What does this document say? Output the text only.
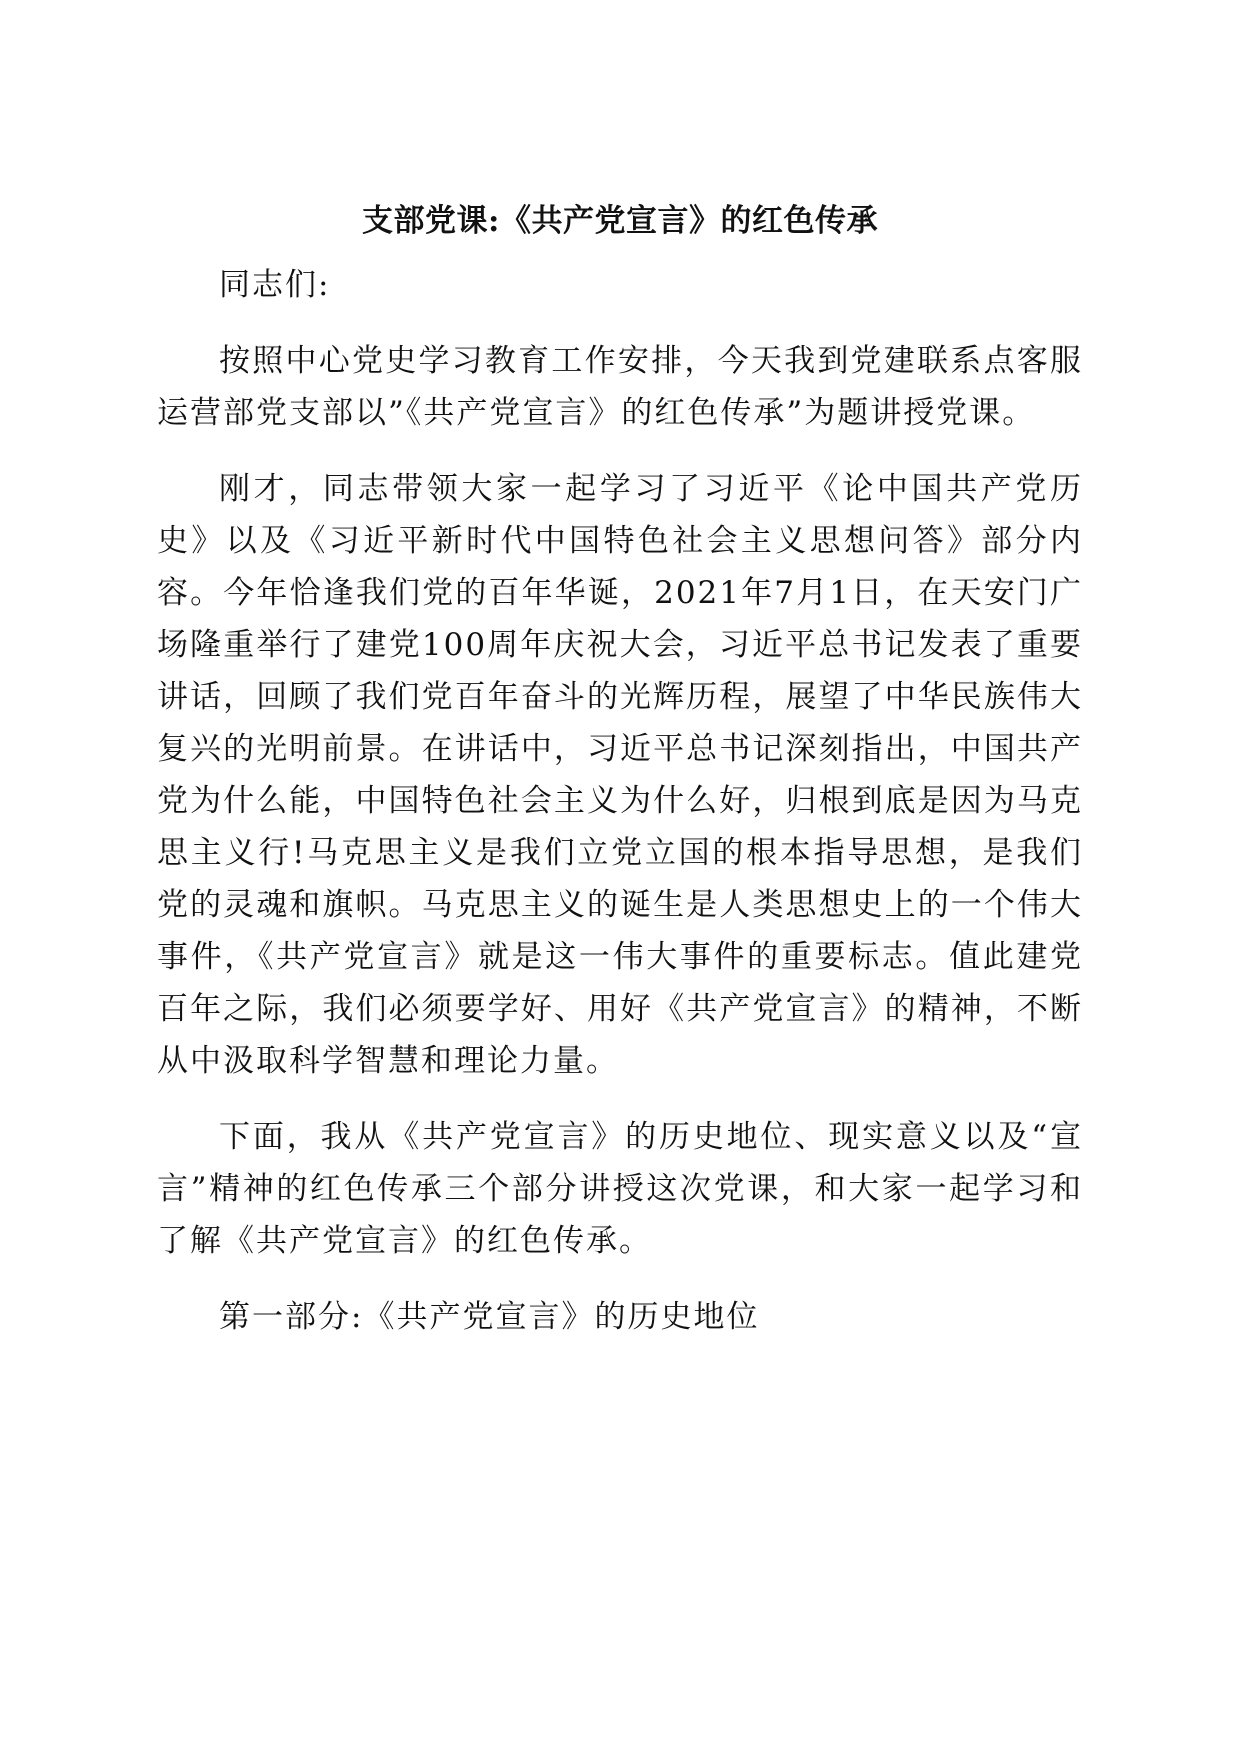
支部党课:《共产党宣言》的红色传承

同志们:

按照中心党史学习教育工作安排，今天我到党建联系点客服运营部党支部以”《共产党宣言》的红色传承”为题讲授党课。

刚才，同志带领大家一起学习了习近平《论中国共产党历史》以及《习近平新时代中国特色社会主义思想问答》部分内容。今年恰逢我们党的百年华诞，2021年7月1日，在天安门广场隆重举行了建党100周年庆祝大会，习近平总书记发表了重要讲话，回顾了我们党百年奋斗的光辉历程，展望了中华民族伟大复兴的光明前景。在讲话中，习近平总书记深刻指出，中国共产党为什么能，中国特色社会主义为什么好，归根到底是因为马克思主义行!马克思主义是我们立党立国的根本指导思想，是我们党的灵魂和旗帜。马克思主义的诞生是人类思想史上的一个伟大事件，《共产党宣言》就是这一伟大事件的重要标志。值此建党百年之际，我们必须要学好、用好《共产党宣言》的精神，不断从中汲取科学智慧和理论力量。

下面，我从《共产党宣言》的历史地位、现实意义以及“宣言”精神的红色传承三个部分讲授这次党课，和大家一起学习和了解《共产党宣言》的红色传承。

第一部分:《共产党宣言》的历史地位
